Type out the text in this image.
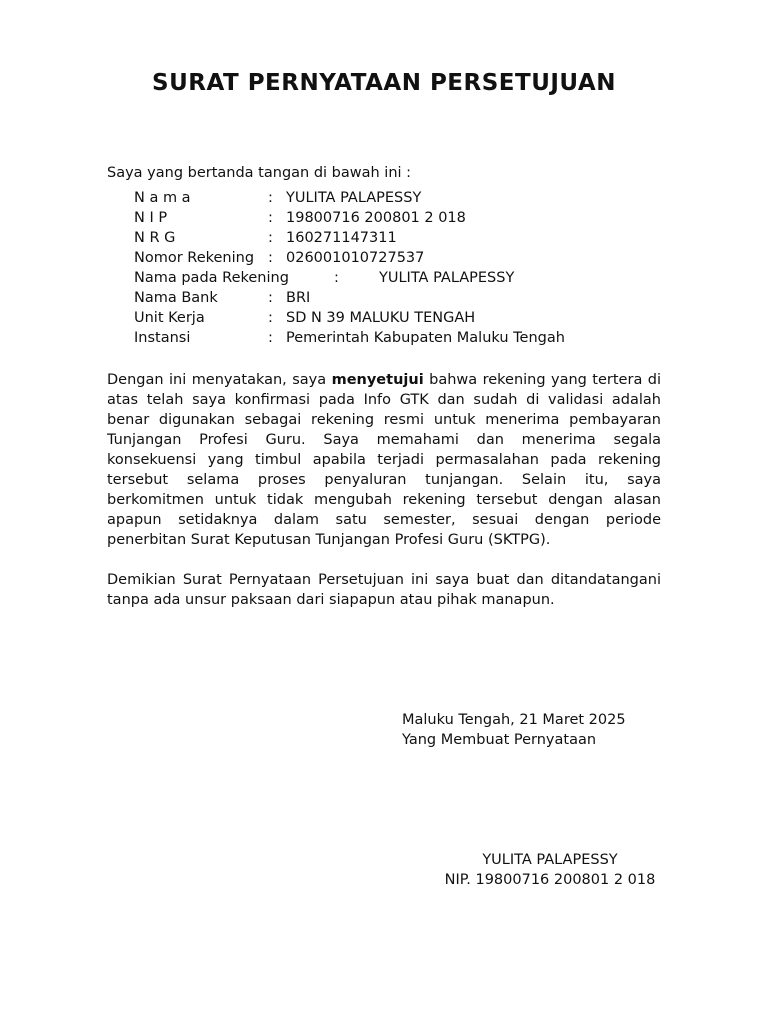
SURAT PERNYATAAN PERSETUJUAN
Saya yang bertanda tangan di bawah ini :
N a m a	: YULITA PALAPESSY
N I P	: 19800716 200801 2 018
N R G	: 160271147311
Nomor Rekening : 026001010727537
Nama pada Rekening	:	YULITA PALAPESSY
Nama Bank	: BRI
Unit Kerja	: SD N 39 MALUKU TENGAH
Instansi	: Pemerintah Kabupaten Maluku Tengah

Dengan ini menyatakan, saya menyetujui bahwa rekening yang tertera di atas telah saya konfirmasi pada Info GTK dan sudah di validasi adalah benar digunakan sebagai rekening resmi untuk menerima pembayaran Tunjangan Profesi Guru. Saya memahami dan menerima segala konsekuensi yang timbul apabila terjadi permasalahan pada rekening tersebut selama proses penyaluran tunjangan. Selain itu, saya berkomitmen untuk tidak mengubah rekening tersebut dengan alasan apapun setidaknya dalam satu semester, sesuai dengan periode penerbitan Surat Keputusan Tunjangan Profesi Guru (SKTPG).

Demikian Surat Pernyataan Persetujuan ini saya buat dan ditandatangani tanpa ada unsur paksaan dari siapapun atau pihak manapun.

Maluku Tengah, 21 Maret 2025
Yang Membuat Pernyataan
YULITA PALAPESSY
NIP. 19800716 200801 2 018
